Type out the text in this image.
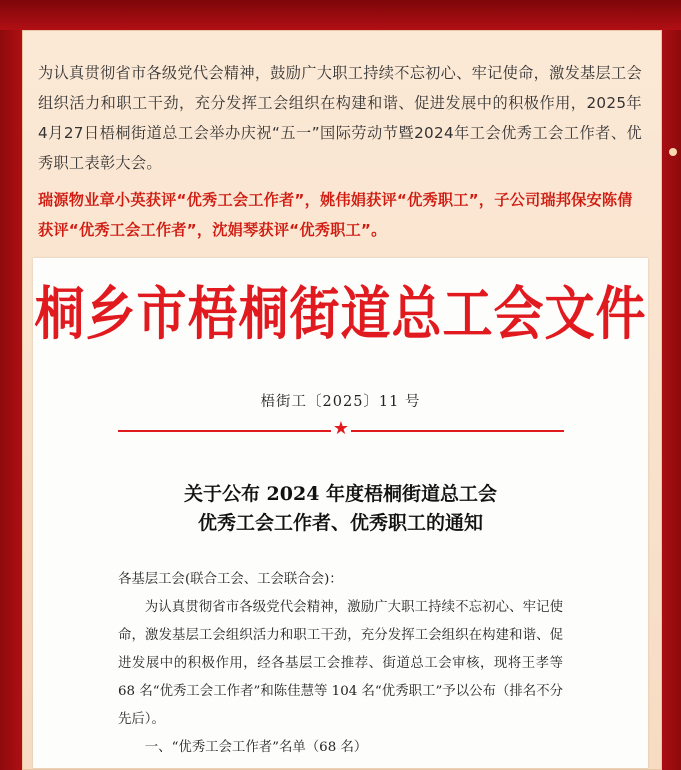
为认真贯彻省市各级党代会精神，鼓励广大职工持续不忘初心、牢记使命，激发基层工会组织活力和职工干劲，充分发挥工会组织在构建和谐、促进发展中的积极作用，2025年4月27日梧桐街道总工会举办庆祝“五一”国际劳动节暨2024年工会优秀工会工作者、优秀职工表彰大会。
瑞源物业章小英获评“优秀工会工作者”，姚伟娟获评“优秀职工”，子公司瑞邦保安陈倩获评“优秀工会工作者”，沈娟琴获评“优秀职工”。
桐乡市梧桐街道总工会文件
梧街工〔2025〕11 号
★
关于公布 2024 年度梧桐街道总工会
优秀工会工作者、优秀职工的通知

各基层工会(联合工会、工会联合会)：

为认真贯彻省市各级党代会精神，激励广大职工持续不忘初心、牢记使命，激发基层工会组织活力和职工干劲，充分发挥工会组织在构建和谐、促进发展中的积极作用，经各基层工会推荐、街道总工会审核，现将王孝等 68 名“优秀工会工作者”和陈佳慧等 104 名“优秀职工”予以公布（排名不分先后）。

一、“优秀工会工作者”名单（68 名）
